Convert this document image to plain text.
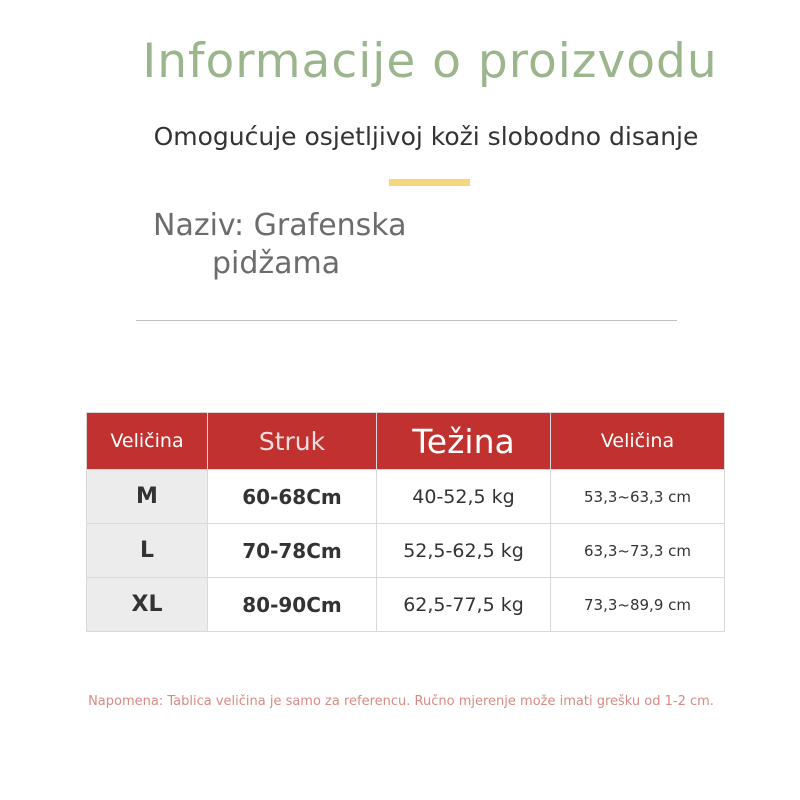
Informacije o proizvodu

Omogućuje osjetljivoj koži slobodno disanje

Naziv: Grafenska

pidžama

Veličina	Struk	Težina	Veličina
M	60-68Cm	40-52,5 kg	53,3~63,3 cm
L	70-78Cm	52,5-62,5 kg	63,3~73,3 cm
XL	80-90Cm	62,5-77,5 kg	73,3~89,9 cm

Napomena: Tablica veličina je samo za referencu. Ručno mjerenje može imati grešku od 1-2 cm.
